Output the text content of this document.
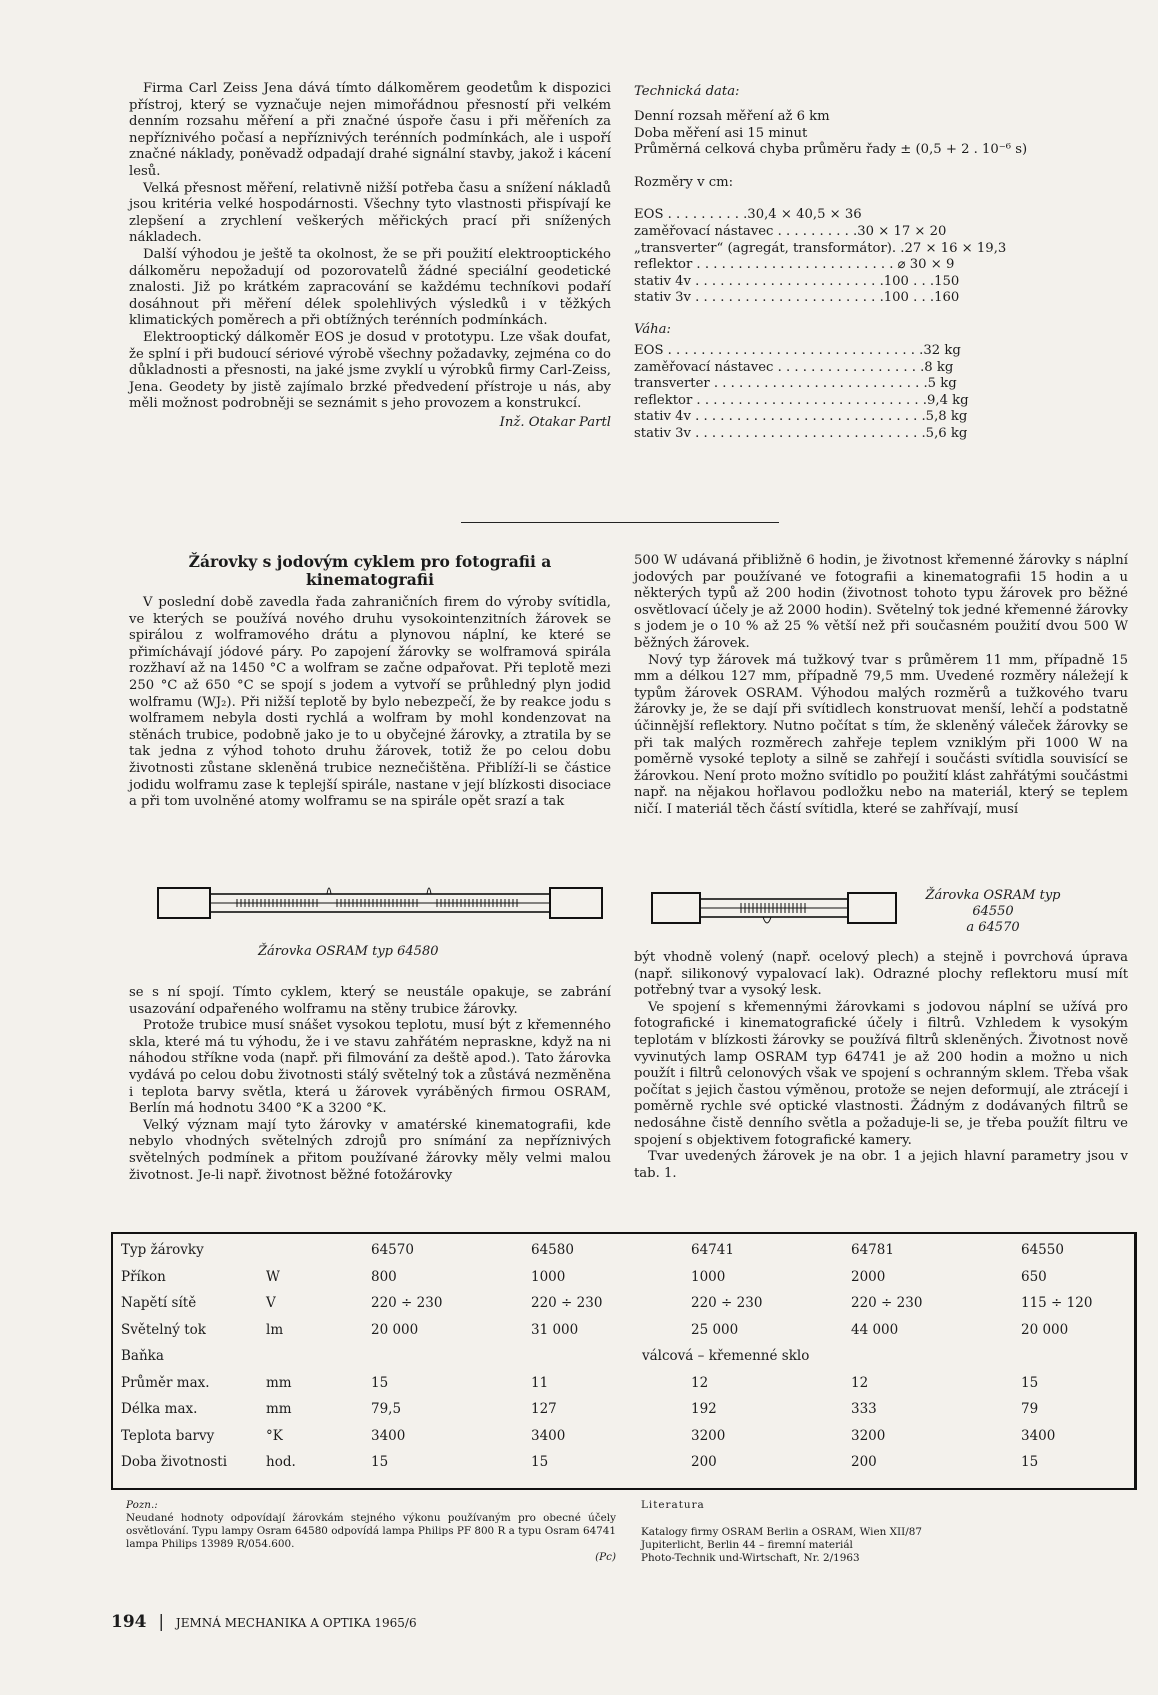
Firma Carl Zeiss Jena dává tímto dálkoměrem geodetům k dispozici přístroj, který se vyznačuje nejen mimořádnou přesností při velkém denním rozsahu měření a při značné úspoře času i při měřeních za nepříznivého počasí a nepříznivých terénních podmínkách, ale i uspoří značné náklady, poněvadž odpadají drahé signální stavby, jakož i kácení lesů.

Velká přesnost měření, relativně nižší potřeba času a snížení nákladů jsou kritéria velké hospodárnosti. Všechny tyto vlastnosti přispívají ke zlepšení a zrychlení veškerých měřických prací při snížených nákladech.

Další výhodou je ještě ta okolnost, že se při použití elektrooptického dálkoměru nepožadují od pozorovatelů žádné speciální geodetické znalosti. Již po krátkém zapracování se každému techníkovi podaří dosáhnout při měření délek spolehlivých výsledků i v těžkých klimatických poměrech a při obtížných terénních podmínkách.

Elektrooptický dálkoměr EOS je dosud v prototypu. Lze však doufat, že splní i při budoucí sériové výrobě všechny požadavky, zejména co do důkladnosti a přesnosti, na jaké jsme zvyklí u výrobků firmy Carl-Zeiss, Jena. Geodety by jistě zajímalo brzké předvedení přístroje u nás, aby měli možnost podrobněji se seznámit s jeho provozem a konstrukcí.

Inž. Otakar Partl
Technická data:
Denní rozsah měření až 6 km
Doba měření asi 15 minut
Průměrná celková chyba průměru řady ± (0,5 + 2 . 10⁻⁶ s)
Rozměry v cm:
EOS . . . . . . . . . .30,4 × 40,5 × 36
zaměřovací nástavec . . . . . . . . . .30 × 17 × 20
„transverter“ (agregát, transformátor). .27 × 16 × 19,3
reflektor . . . . . . . . . . . . . . . . . . . . . . . . ⌀ 30 × 9
stativ 4v . . . . . . . . . . . . . . . . . . . . . . .100 . . .150
stativ 3v . . . . . . . . . . . . . . . . . . . . . . .100 . . .160
Váha:
EOS . . . . . . . . . . . . . . . . . . . . . . . . . . . . . . .32 kg
zaměřovací nástavec . . . . . . . . . . . . . . . . . .8 kg
transverter . . . . . . . . . . . . . . . . . . . . . . . . . .5 kg
reflektor . . . . . . . . . . . . . . . . . . . . . . . . . . . .9,4 kg
stativ 4v . . . . . . . . . . . . . . . . . . . . . . . . . . . .5,8 kg
stativ 3v . . . . . . . . . . . . . . . . . . . . . . . . . . . .5,6 kg
Žárovky s jodovým cyklem pro fotografii a kinematografii

V poslední době zavedla řada zahraničních firem do výroby svítidla, ve kterých se používá nového druhu vysokointenzitních žárovek se spirálou z wolframového drátu a plynovou náplní, ke které se přimíchávají jódové páry. Po zapojení žárovky se wolframová spirála rozžhaví až na 1450 °C a wolfram se začne odpařovat. Při teplotě mezi 250 °C až 650 °C se spojí s jodem a vytvoří se průhledný plyn jodid wolframu (WJ₂). Při nižší teplotě by bylo nebezpečí, že by reakce jodu s wolframem nebyla dosti rychlá a wolfram by mohl kondenzovat na stěnách trubice, podobně jako je to u obyčejné žárovky, a ztratila by se tak jedna z výhod tohoto druhu žárovek, totiž že po celou dobu životnosti zůstane skleněná trubice neznečištěna. Přiblíží-li se částice jodidu wolframu zase k teplejší spirále, nastane v její blízkosti disociace a při tom uvolněné atomy wolframu se na spirále opět srazí a tak

Žárovka OSRAM typ 64580

se s ní spojí. Tímto cyklem, který se neustále opakuje, se zabrání usazování odpařeného wolframu na stěny trubice žárovky.

Protože trubice musí snášet vysokou teplotu, musí být z křemenného skla, které má tu výhodu, že i ve stavu zahřátém nepraskne, když na ni náhodou stříkne voda (např. při filmování za deště apod.). Tato žárovka vydává po celou dobu životnosti stálý světelný tok a zůstává nezměněna i teplota barvy světla, která u žárovek vyráběných firmou OSRAM, Berlín má hodnotu 3400 °K a 3200 °K.

Velký význam mají tyto žárovky v amatérské kinematografii, kde nebylo vhodných světelných zdrojů pro snímání za nepříznivých světelných podmínek a přitom používané žárovky měly velmi malou životnost. Je-li např. životnost běžné fotožárovky

500 W udávaná přibližně 6 hodin, je životnost křemenné žárovky s náplní jodových par používané ve fotografii a kinematografii 15 hodin a u některých typů až 200 hodin (životnost tohoto typu žárovek pro běžné osvětlovací účely je až 2000 hodin). Světelný tok jedné křemenné žárovky s jodem je o 10 % až 25 % větší než při současném použití dvou 500 W běžných žárovek.

Nový typ žárovek má tužkový tvar s průměrem 11 mm, případně 15 mm a délkou 127 mm, případně 79,5 mm. Uvedené rozměry náležejí k typům žárovek OSRAM. Výhodou malých rozměrů a tužkového tvaru žárovky je, že se dají při svítidlech konstruovat menší, lehčí a podstatně účinnější reflektory. Nutno počítat s tím, že skleněný váleček žárovky se při tak malých rozměrech zahřeje teplem vzniklým při 1000 W na poměrně vysoké teploty a silně se zahřejí i součásti svítidla souvisící se žárovkou. Není proto možno svítidlo po použití klást zahřátými součástmi např. na nějakou hořlavou podložku nebo na materiál, který se teplem ničí. I materiál těch částí svítidla, které se zahřívají, musí

Žárovka OSRAM typ 64550
a 64570

být vhodně volený (např. ocelový plech) a stejně i povrchová úprava (např. silikonový vypalovací lak). Odrazné plochy reflektoru musí mít potřebný tvar a vysoký lesk.

Ve spojení s křemennými žárovkami s jodovou náplní se užívá pro fotografické i kinematografické účely i filtrů. Vzhledem k vysokým teplotám v blízkosti žárovky se používá filtrů skleněných. Životnost nově vyvinutých lamp OSRAM typ 64741 je až 200 hodin a možno u nich použít i filtrů celonových však ve spojení s ochranným sklem. Třeba však počítat s jejich častou výměnou, protože se nejen deformují, ale ztrácejí i poměrně rychle své optické vlastnosti. Žádným z dodávaných filtrů se nedosáhne čistě denního světla a požaduje-li se, je třeba použít filtru ve spojení s objektivem fotografické kamery.

Tvar uvedených žárovek je na obr. 1 a jejich hlavní parametry jsou v tab. 1.

Typ žárovky		64570	64580	64741	64781	64550
Příkon	W	800	1000	1000	2000	650
Napětí sítě	V	220 ÷ 230	220 ÷ 230	220 ÷ 230	220 ÷ 230	115 ÷ 120
Světelný tok	lm	20 000	31 000	25 000	44 000	20 000
Baňka		válcová – křemenné sklo				
Průměr max.	mm	15	11	12	12	15
Délka max.	mm	79,5	127	192	333	79
Teplota barvy	°K	3400	3400	3200	3200	3400
Doba životnosti	hod.	15	15	200	200	15
Pozn.:
Neudané hodnoty odpovídají žárovkám stejného výkonu používaným pro obecné účely osvětlování. Typu lampy Osram 64580 odpovídá lampa Philips PF 800 R a typu Osram 64741 lampa Philips 13989 R/054.600.
(Pc)
Literatura
Katalogy firmy OSRAM Berlin a OSRAM, Wien XII/87
Jupiterlicht, Berlin 44 – firemní materiál
Photo-Technik und-Wirtschaft, Nr. 2/1963
194 | JEMNÁ MECHANIKA A OPTIKA 1965/6
